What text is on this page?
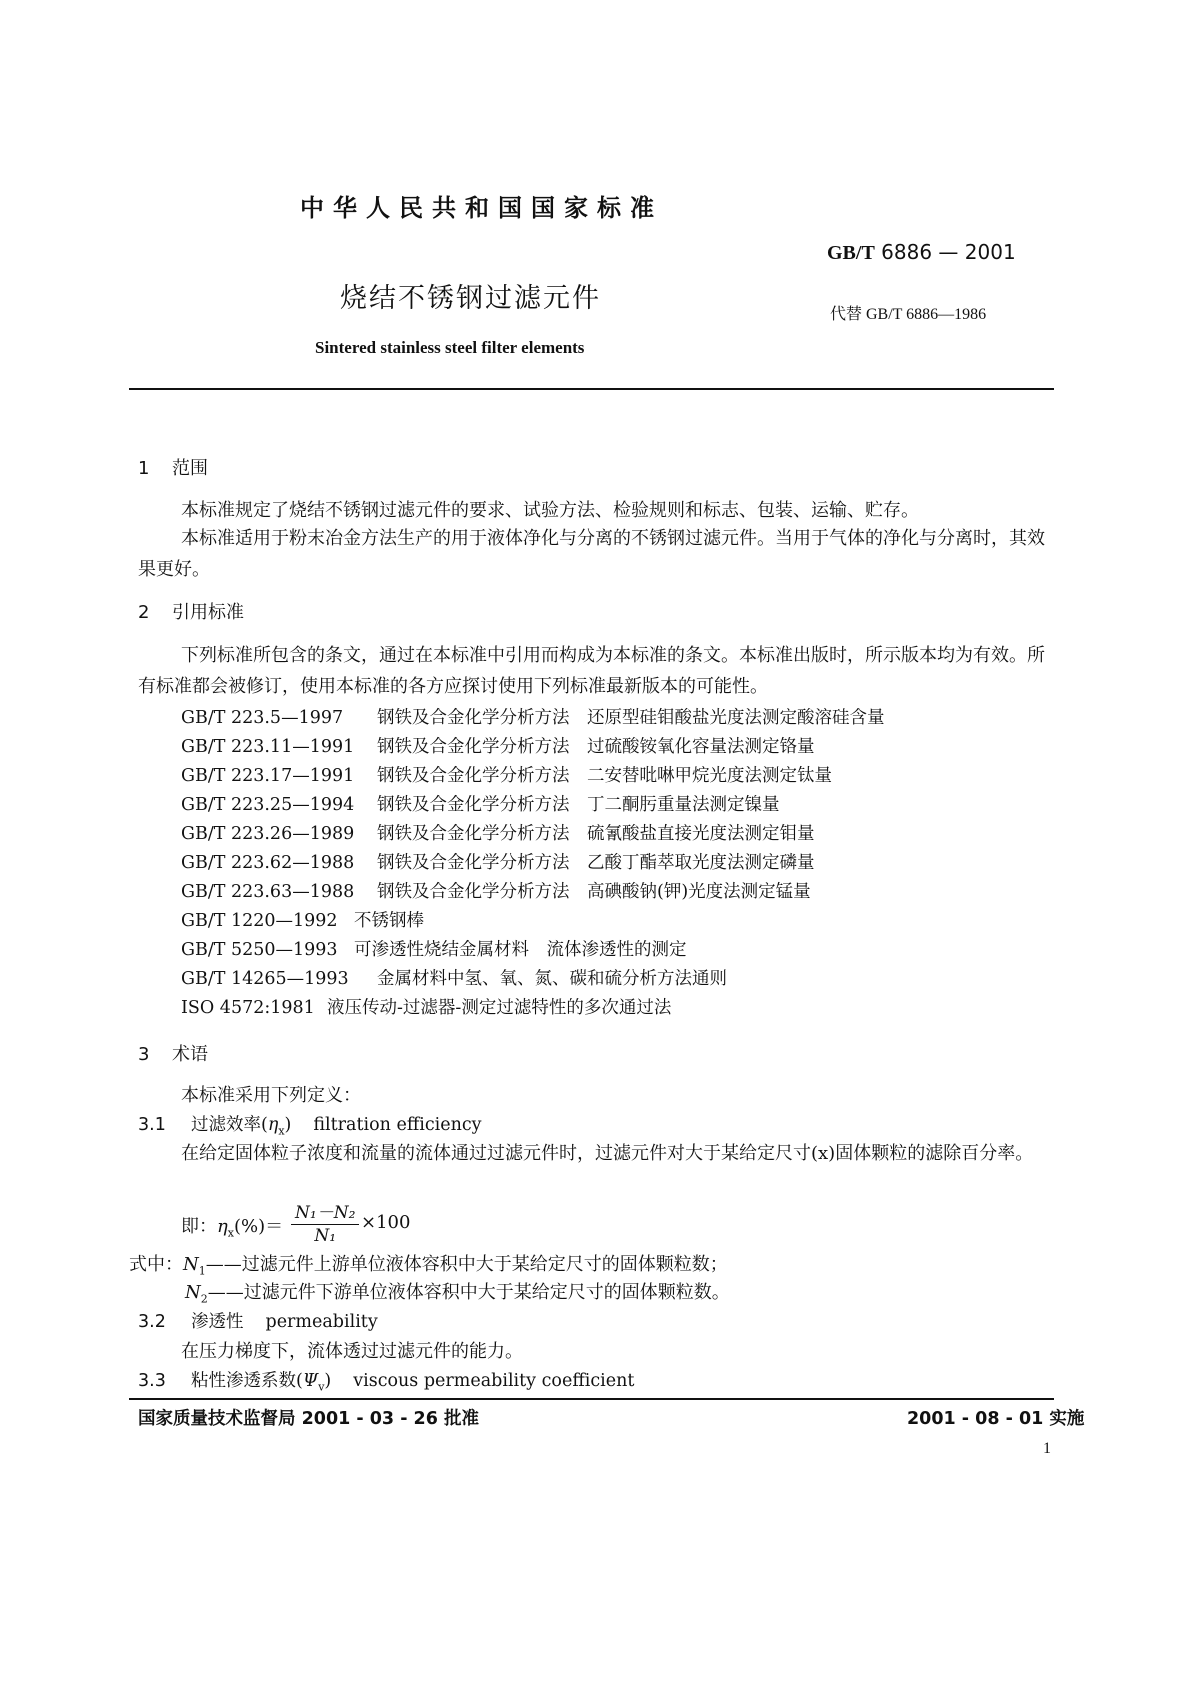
中华人民共和国国家标准
GB/T 6886 — 2001
烧结不锈钢过滤元件
代替 GB/T 6886—1986
Sintered stainless steel filter elements
1 范围
本标准规定了烧结不锈钢过滤元件的要求、试验方法、检验规则和标志、包装、运输、贮存。
本标准适用于粉末冶金方法生产的用于液体净化与分离的不锈钢过滤元件。当用于气体的净化与分离时，其效果更好。
2 引用标准
下列标准所包含的条文，通过在本标准中引用而构成为本标准的条文。本标准出版时，所示版本均为有效。所有标准都会被修订，使用本标准的各方应探讨使用下列标准最新版本的可能性。
GB/T 223.5—1997 钢铁及合金化学分析方法　还原型硅钼酸盐光度法测定酸溶硅含量
GB/T 223.11—1991 钢铁及合金化学分析方法　过硫酸铵氧化容量法测定铬量
GB/T 223.17—1991 钢铁及合金化学分析方法　二安替吡啉甲烷光度法测定钛量
GB/T 223.25—1994 钢铁及合金化学分析方法　丁二酮肟重量法测定镍量
GB/T 223.26—1989 钢铁及合金化学分析方法　硫氰酸盐直接光度法测定钼量
GB/T 223.62—1988 钢铁及合金化学分析方法　乙酸丁酯萃取光度法测定磷量
GB/T 223.63—1988 钢铁及合金化学分析方法　高碘酸钠(钾)光度法测定锰量
GB/T 1220—1992 不锈钢棒
GB/T 5250—1993 可渗透性烧结金属材料　流体渗透性的测定
GB/T 14265—1993 金属材料中氢、氧、氮、碳和硫分析方法通则
ISO 4572:1981 液压传动-过滤器-测定过滤特性的多次通过法
3 术语
本标准采用下列定义：
3.1 过滤效率$(\eta_x)$ filtration efficiency
在给定固体粒子浓度和流量的流体通过过滤元件时，过滤元件对大于某给定尺寸(x)固体颗粒的滤除百分率。
即：$\eta_x(\%)= \frac{\text{N₁－N₂}}{\text{N₁}} \times 100$
式中：$N_1——$过滤元件上游单位液体容积中大于某给定尺寸的固体颗粒数；
$N_2——$过滤元件下游单位液体容积中大于某给定尺寸的固体颗粒数。
3.2 渗透性 permeability
在压力梯度下，流体透过过滤元件的能力。
3.3 粘性渗透系数$(\Psi_v)$ viscous permeability coefficient
国家质量技术监督局 2001 - 03 - 26 批准	2001 - 08 - 01 实施
1
